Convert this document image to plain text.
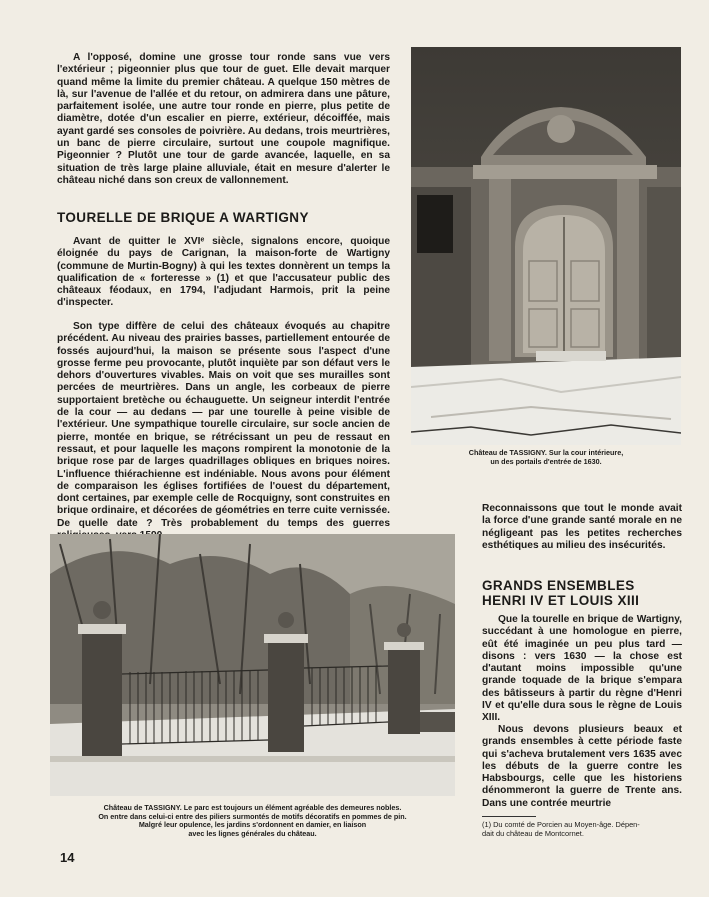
A l'opposé, domine une grosse tour ronde sans vue vers l'extérieur ; pigeonnier plus que tour de guet. Elle devait marquer quand même la limite du premier château. A quelque 150 mètres de là, sur l'avenue de l'allée et du retour, on admirera dans une pâture, parfaitement isolée, une autre tour ronde en pierre, plus petite de diamètre, dotée d'un escalier en pierre, extérieur, décoiffée, mais ayant gardé ses consoles de poivrière. Au dedans, trois meurtrières, un banc de pierre circulaire, surtout une coupole magnifique. Pigeonnier ? Plutôt une tour de garde avancée, laquelle, en sa situation de très large plaine alluviale, était en mesure d'alerter le château niché dans son creux de vallonnement.

TOURELLE DE BRIQUE A WARTIGNY

Avant de quitter le XVIᵉ siècle, signalons encore, quoique éloignée du pays de Carignan, la maison-forte de Wartigny (commune de Murtin-Bogny) à qui les textes donnèrent un temps la qualification de « forteresse » (1) et que l'accusateur public des châteaux féodaux, en 1794, l'adjudant Harmois, prit la peine d'inspecter.

Son type diffère de celui des châteaux évoqués au chapitre précédent. Au niveau des prairies basses, partiellement entourée de fossés aujourd'hui, la maison se présente sous l'aspect d'une grosse ferme peu provocante, plutôt inquiète par son défaut vers le dehors d'ouvertures vivables. Mais on voit que ses murailles sont percées de meurtrières. Dans un angle, les corbeaux de pierre supportaient bretèche ou échauguette. Un seigneur interdit l'entrée de la cour — au dedans — par une tourelle à peine visible de l'extérieur. Une sympathique tourelle circulaire, sur socle ancien de pierre, montée en brique, se rétrécissant un peu de ressaut en ressaut, et pour laquelle les maçons rompirent la monotonie de la brique rose par de larges quadrillages obliques en briques noires. L'influence thiérachienne est indéniable. Nous avons pour élément de comparaison les églises fortifiées de l'ouest du département, dont certaines, par exemple celle de Rocquigny, sont construites en brique ordinaire, et décorées de géométries en terre cuite vernissée. De quelle date ? Très probablement du temps des guerres

Château de TASSIGNY. Sur la cour intérieure,
un des portails d'entrée de 1630.

Château de TASSIGNY. Le parc est toujours un élément agréable des demeures nobles.
On entre dans celui-ci entre des piliers surmontés de motifs décoratifs en pommes de pin.
Malgré leur opulence, les jardins s'ordonnent en damier, en liaison
avec les lignes générales du château.

Reconnaissons que tout le monde avait la force d'une grande santé morale en ne négligeant pas les petites recherches esthétiques au milieu des insécurités.

GRANDS ENSEMBLES
HENRI IV ET LOUIS XIII

Que la tourelle en brique de Wartigny, succédant à une homologue en pierre, eût été imaginée un peu plus tard — disons : vers 1630 — la chose est d'autant moins impossible qu'une grande toquade de la brique s'empara des bâtisseurs à partir du règne d'Henri IV et qu'elle dura sous le règne de Louis XIII.

Nous devons plusieurs beaux et grands ensembles à cette période faste qui s'acheva brutalement vers 1635 avec les débuts de la guerre contre les Habsbourgs, celle que les historiens dénommeront la guerre de Trente ans. Dans une contrée meurtrie

(1) Du comté de Porcien au Moyen-âge. Dépen-
dait du château de Montcornet.

14
